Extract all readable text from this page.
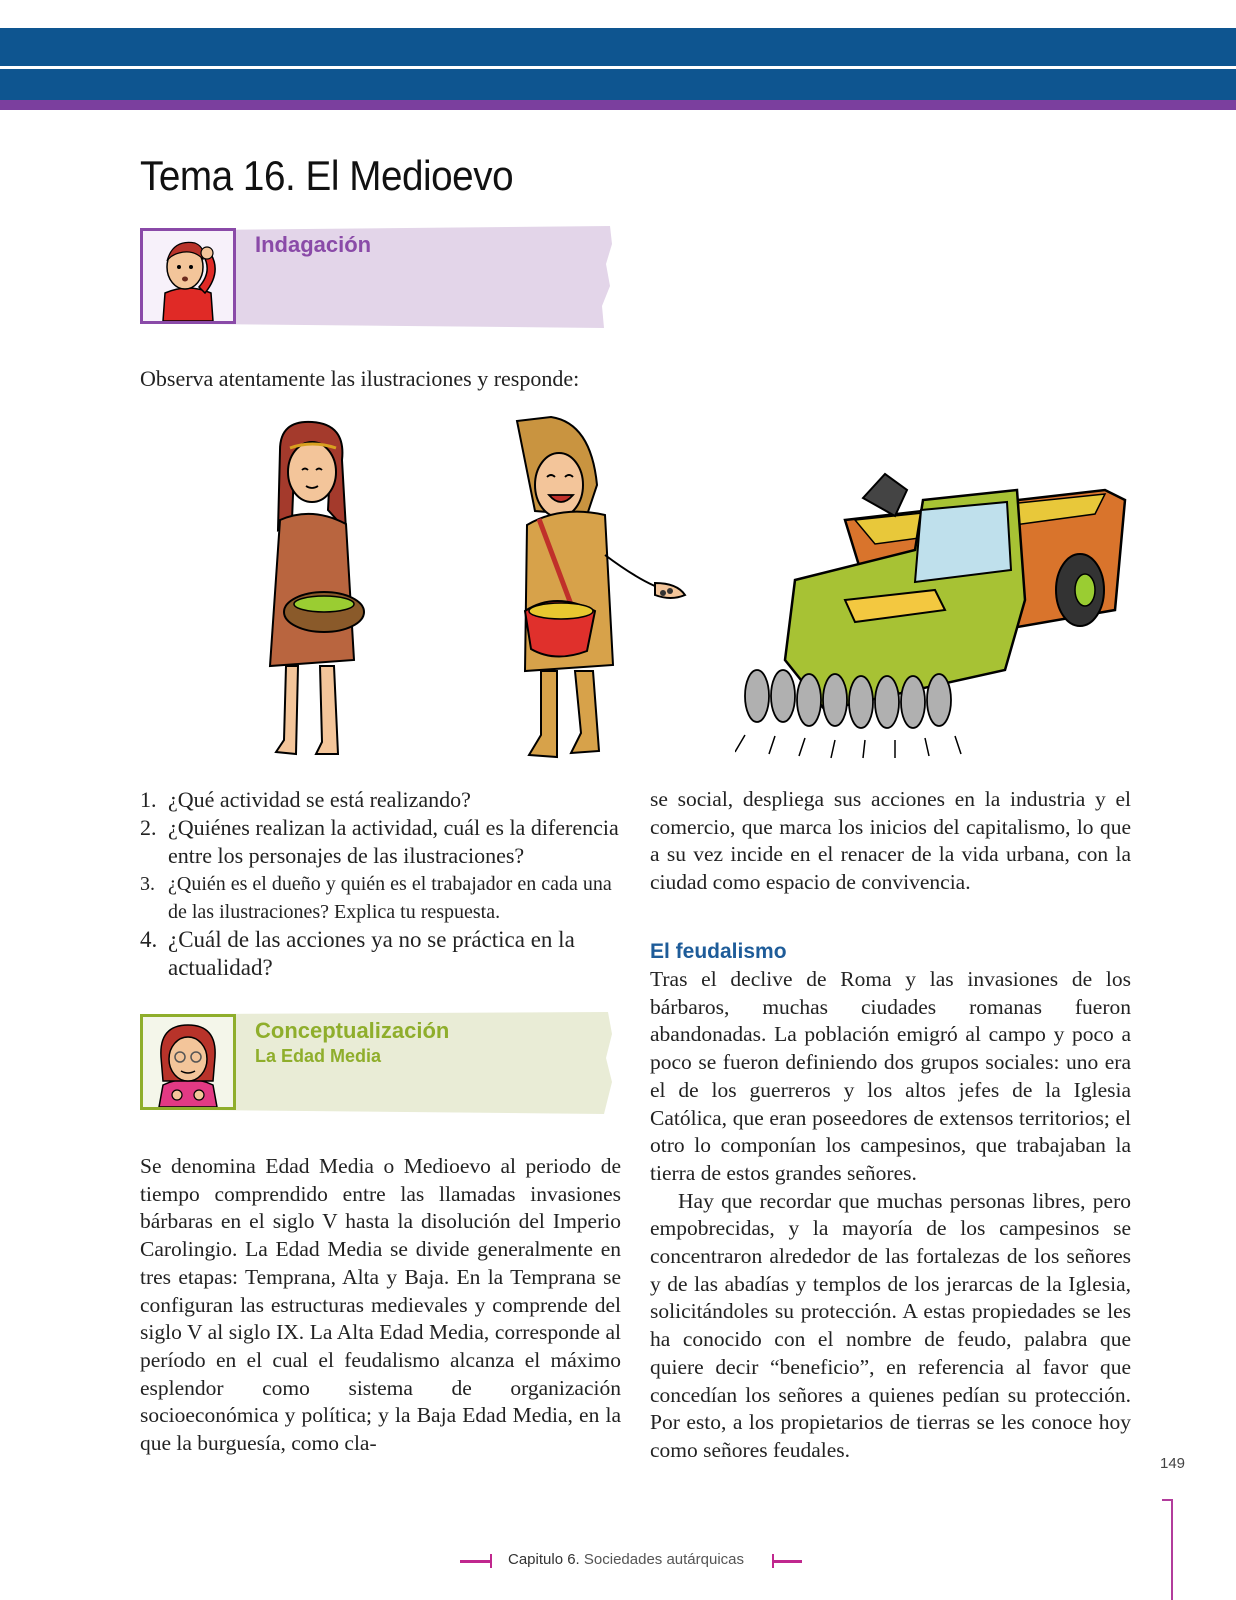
Tema 16. El Medioevo
Indagación
Observa atentamente las ilustraciones y responde:
1. ¿Qué actividad se está realizando?
2. ¿Quiénes realizan la actividad, cuál es la diferencia entre los personajes de las ilustraciones?
3. ¿Quién es el dueño y quién es el trabajador en cada una de las ilustraciones? Explica tu respuesta.
4. ¿Cuál de las acciones ya no se práctica en la actualidad?
Conceptualización
La Edad Media

Se denomina Edad Media o Medioevo al periodo de tiempo comprendido entre las llamadas invasiones bárbaras en el siglo V hasta la disolución del Imperio Carolingio. La Edad Media se divide generalmente en tres etapas: Temprana, Alta y Baja. En la Temprana se configuran las estructuras medievales y comprende del siglo V al siglo IX. La Alta Edad Media, corresponde al período en el cual el feudalismo alcanza el máximo esplendor como sistema de organización socioeconómica y política; y la Baja Edad Media, en la que la burguesía, como cla-

se social, despliega sus acciones en la industria y el comercio, que marca los inicios del capitalismo, lo que a su vez incide en el renacer de la vida urbana, con la ciudad como espacio de convivencia.

El feudalismo

Tras el declive de Roma y las invasiones de los bárbaros, muchas ciudades romanas fueron abandonadas. La población emigró al campo y poco a poco se fueron definiendo dos grupos sociales: uno era el de los guerreros y los altos jefes de la Iglesia Católica, que eran poseedores de extensos territorios; el otro lo componían los campesinos, que trabajaban la tierra de estos grandes señores.

Hay que recordar que muchas personas libres, pero empobrecidas, y la mayoría de los campesinos se concentraron alrededor de las fortalezas de los señores y de las abadías y templos de los jerarcas de la Iglesia, solicitándoles su protección. A estas propiedades se les ha conocido con el nombre de feudo, palabra que quiere decir “beneficio”, en referencia al favor que concedían los señores a quienes pedían su protección. Por esto, a los propietarios de tierras se les conoce hoy como señores feudales.

149
Capitulo 6. Sociedades autárquicas
